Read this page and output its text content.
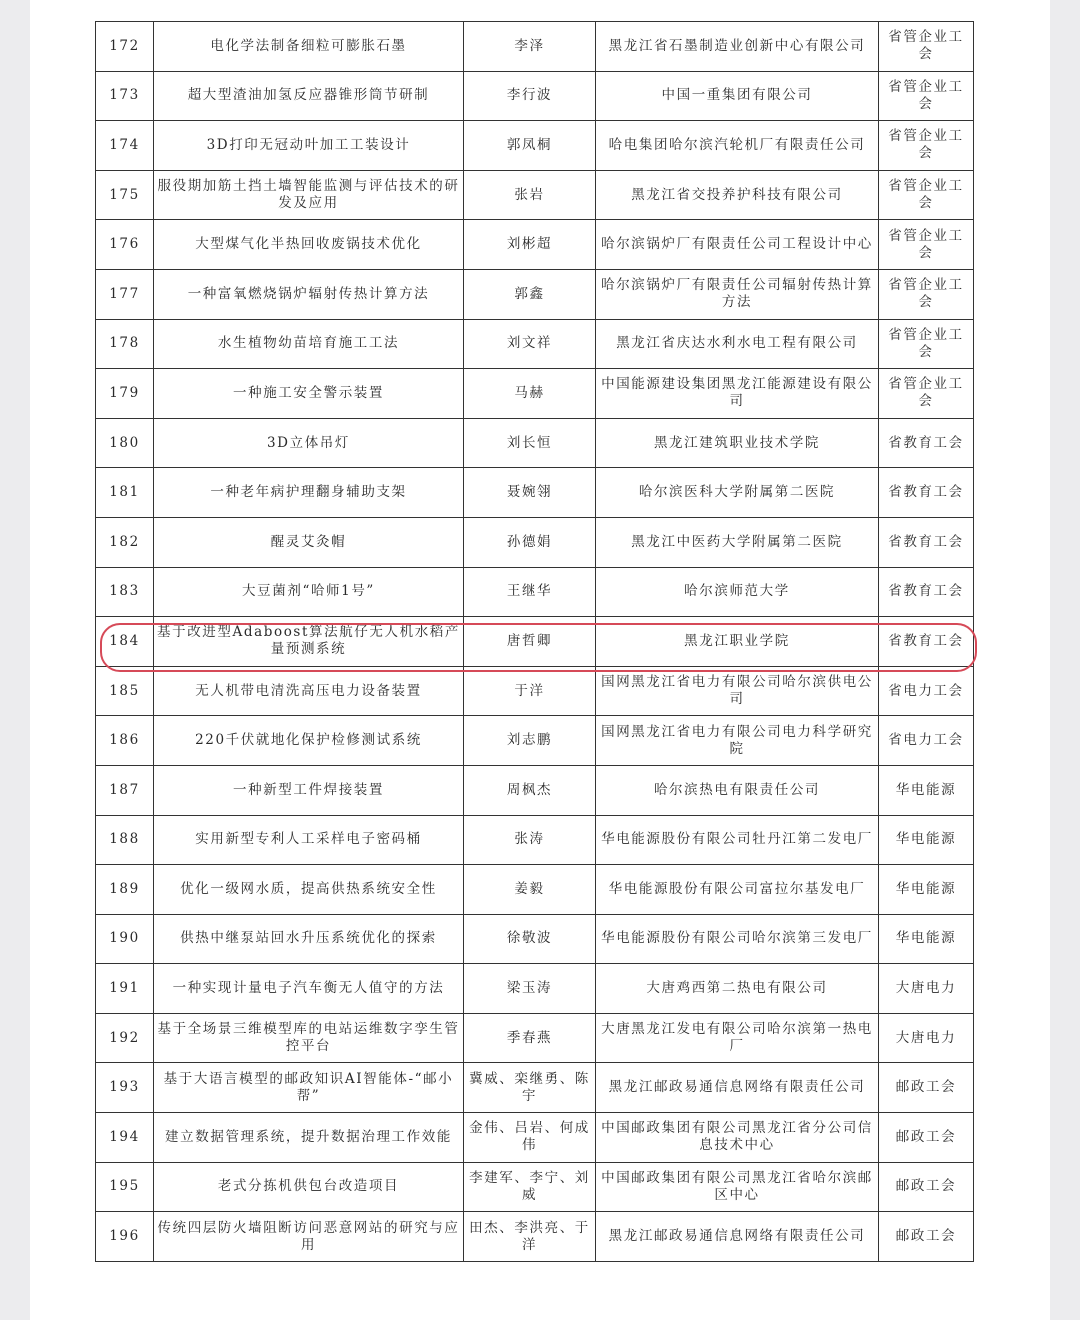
172	电化学法制备细粒可膨胀石墨	李泽	黑龙江省石墨制造业创新中心有限公司	省管企业工会
173	超大型渣油加氢反应器锥形筒节研制	李行波	中国一重集团有限公司	省管企业工会
174	3D打印无冠动叶加工工装设计	郭凤桐	哈电集团哈尔滨汽轮机厂有限责任公司	省管企业工会
175	服役期加筋土挡土墙智能监测与评估技术的研发及应用	张岩	黑龙江省交投养护科技有限公司	省管企业工会
176	大型煤气化半热回收废锅技术优化	刘彬超	哈尔滨锅炉厂有限责任公司工程设计中心	省管企业工会
177	一种富氧燃烧锅炉辐射传热计算方法	郭鑫	哈尔滨锅炉厂有限责任公司辐射传热计算方法	省管企业工会
178	水生植物幼苗培育施工工法	刘文祥	黑龙江省庆达水利水电工程有限公司	省管企业工会
179	一种施工安全警示装置	马赫	中国能源建设集团黑龙江能源建设有限公司	省管企业工会
180	3D立体吊灯	刘长恒	黑龙江建筑职业技术学院	省教育工会
181	一种老年病护理翻身辅助支架	聂婉翎	哈尔滨医科大学附属第二医院	省教育工会
182	醒灵艾灸帽	孙德娟	黑龙江中医药大学附属第二医院	省教育工会
183	大豆菌剂“哈师1号”	王继华	哈尔滨师范大学	省教育工会
184	基于改进型Adaboost算法航仔无人机水稻产量预测系统	唐哲卿	黑龙江职业学院	省教育工会
185	无人机带电清洗高压电力设备装置	于洋	国网黑龙江省电力有限公司哈尔滨供电公司	省电力工会
186	220千伏就地化保护检修测试系统	刘志鹏	国网黑龙江省电力有限公司电力科学研究院	省电力工会
187	一种新型工件焊接装置	周枫杰	哈尔滨热电有限责任公司	华电能源
188	实用新型专利人工采样电子密码桶	张涛	华电能源股份有限公司牡丹江第二发电厂	华电能源
189	优化一级网水质，提高供热系统安全性	姜毅	华电能源股份有限公司富拉尔基发电厂	华电能源
190	供热中继泵站回水升压系统优化的探索	徐敬波	华电能源股份有限公司哈尔滨第三发电厂	华电能源
191	一种实现计量电子汽车衡无人值守的方法	梁玉涛	大唐鸡西第二热电有限公司	大唐电力
192	基于全场景三维模型库的电站运维数字孪生管控平台	季春燕	大唐黑龙江发电有限公司哈尔滨第一热电厂	大唐电力
193	基于大语言模型的邮政知识AI智能体-“邮小帮”	冀威、栾继勇、陈宇	黑龙江邮政易通信息网络有限责任公司	邮政工会
194	建立数据管理系统，提升数据治理工作效能	金伟、吕岩、何成伟	中国邮政集团有限公司黑龙江省分公司信息技术中心	邮政工会
195	老式分拣机供包台改造项目	李建军、李宁、刘威	中国邮政集团有限公司黑龙江省哈尔滨邮区中心	邮政工会
196	传统四层防火墙阻断访问恶意网站的研究与应用	田杰、李洪亮、于洋	黑龙江邮政易通信息网络有限责任公司	邮政工会
